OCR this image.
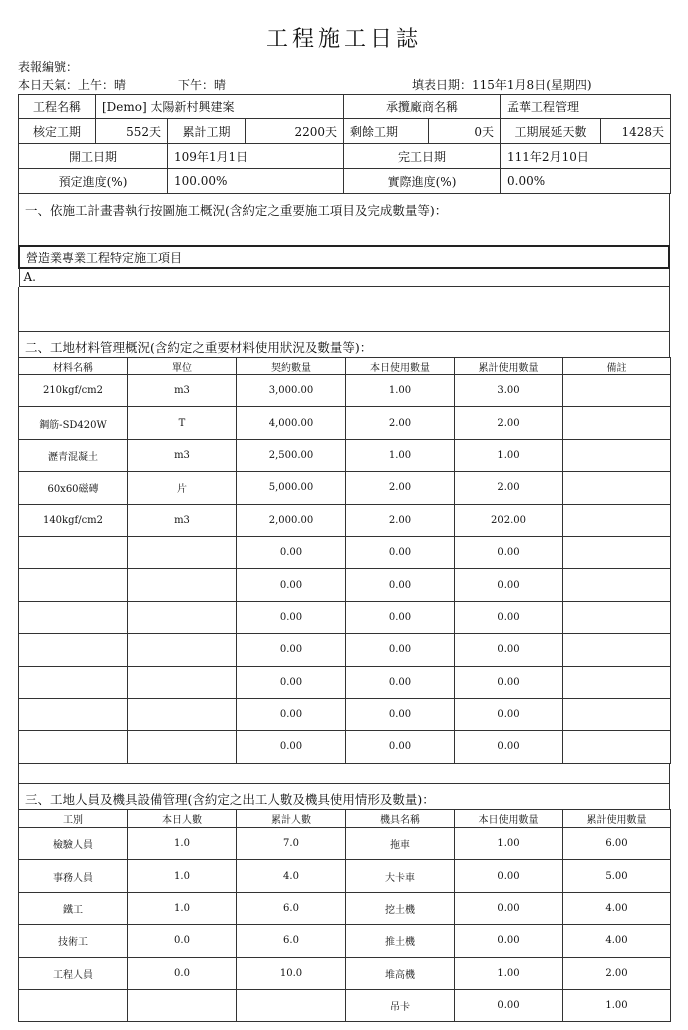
工程施工日誌
表報編號：
本日天氣：上午：晴	下午：晴	填表日期：115年1月8日(星期四)
工程名稱	[Demo] 太陽新村興建案			承攬廠商名稱		孟華工程管理	
核定工期	552天	累計工期	2200天	剩餘工期	0天	工期展延天數	1428天
開工日期		109年1月1日		完工日期		111年2月10日	
預定進度(%)		100.00%		實際進度(%)		0.00%	
一、依施工計畫書執行按圖施工概況(含約定之重要施工項目及完成數量等)：
營造業專業工程特定施工項目
A.
二、工地材料管理概況(含約定之重要材料使用狀況及數量等)：
材料名稱	單位	契約數量	本日使用數量	累計使用數量	備註
210kgf/cm2	m3	3,000.00	1.00	3.00	
鋼筋-SD420W	T	4,000.00	2.00	2.00	
瀝青混凝土	m3	2,500.00	1.00	1.00	
60x60磁磚	片	5,000.00	2.00	2.00	
140kgf/cm2	m3	2,000.00	2.00	202.00	
		0.00	0.00	0.00	
		0.00	0.00	0.00	
		0.00	0.00	0.00	
		0.00	0.00	0.00	
		0.00	0.00	0.00	
		0.00	0.00	0.00	
		0.00	0.00	0.00	
三、工地人員及機具設備管理(含約定之出工人數及機具使用情形及數量)：
工別	本日人數	累計人數	機具名稱	本日使用數量	累計使用數量
檢驗人員	1.0	7.0	拖車	1.00	6.00
事務人員	1.0	4.0	大卡車	0.00	5.00
鐵工	1.0	6.0	挖土機	0.00	4.00
技術工	0.0	6.0	推土機	0.00	4.00
工程人員	0.0	10.0	堆高機	1.00	2.00
			吊卡	0.00	1.00
